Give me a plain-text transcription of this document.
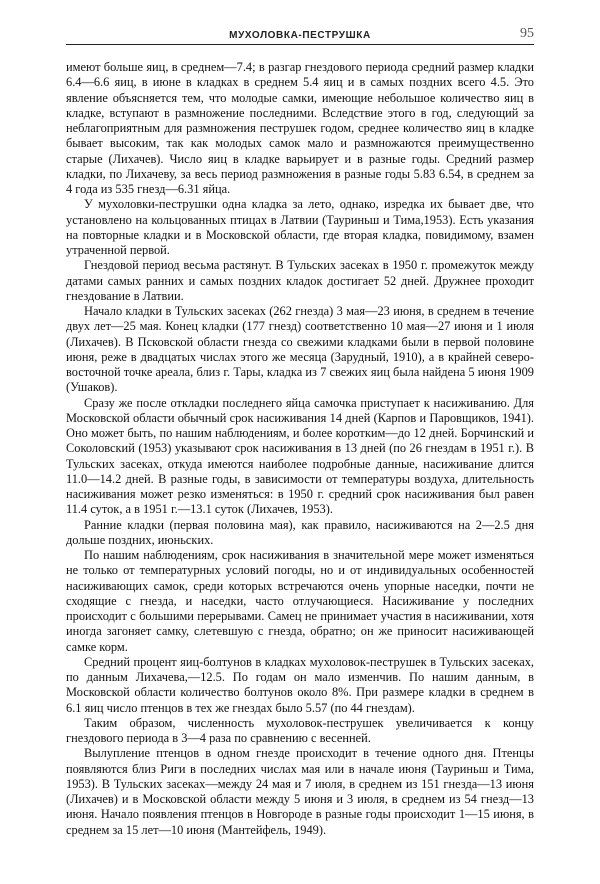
МУХОЛОВКА-ПЕСТРУШКА	95

имеют больше яиц, в среднем—7.4; в разгар гнездового периода средний размер кладки 6.4—6.6 яиц, в июне в кладках в среднем 5.4 яиц и в самых поздних всего 4.5. Это явление объясняется тем, что молодые самки, имеющие небольшое количество яиц в кладке, вступают в размножение последними. Вследствие этого в год, следующий за неблагоприятным для размножения пеструшек годом, среднее количество яиц в кладке бывает высоким, так как молодых самок мало и размножаются преимущественно старые (Лихачев). Число яиц в кладке варьирует и в разные годы. Средний размер кладки, по Лихачеву, за весь период размножения в разные годы 5.83 6.54, в среднем за 4 года из 535 гнезд—6.31 яйца.

У мухоловки-пеструшки одна кладка за лето, однако, изредка их бывает две, что установлено на кольцованных птицах в Латвии (Тауриньш и Тима,1953). Есть указания на повторные кладки и в Московской области, где вторая кладка, повидимому, взамен утраченной первой.

Гнездовой период весьма растянут. В Тульских засеках в 1950 г. промежуток между датами самых ранних и самых поздних кладок достигает 52 дней. Дружнее проходит гнездование в Латвии.

Начало кладки в Тульских засеках (262 гнезда) 3 мая—23 июня, в среднем в течение двух лет—25 мая. Конец кладки (177 гнезд) соответственно 10 мая—27 июня и 1 июля (Лихачев). В Псковской области гнезда со свежими кладками были в первой половине июня, реже в двадцатых числах этого же месяца (Зарудный, 1910), а в крайней северо-восточной точке ареала, близ г. Тары, кладка из 7 свежих яиц была найдена 5 июня 1909 (Ушаков).

Сразу же после откладки последнего яйца самочка приступает к насиживанию. Для Московской области обычный срок насиживания 14 дней (Карпов и Паровщиков, 1941). Оно может быть, по нашим наблюдениям, и более коротким—до 12 дней. Борчинский и Соколовский (1953) указывают срок насиживания в 13 дней (по 26 гнездам в 1951 г.). В Тульских засеках, откуда имеются наиболее подробные данные, насиживание длится 11.0—14.2 дней. В разные годы, в зависимости от температуры воздуха, длительность насиживания может резко изменяться: в 1950 г. средний срок насиживания был равен 11.4 суток, а в 1951 г.—13.1 суток (Лихачев, 1953).

Ранние кладки (первая половина мая), как правило, насиживаются на 2—2.5 дня дольше поздних, июньских.

По нашим наблюдениям, срок насиживания в значительной мере может изменяться не только от температурных условий погоды, но и от индивидуальных особенностей насиживающих самок, среди которых встречаются очень упорные наседки, почти не сходящие с гнезда, и наседки, часто отлучающиеся. Насиживание у последних происходит с большими перерывами. Самец не принимает участия в насиживании, хотя иногда загоняет самку, слетевшую с гнезда, обратно; он же приносит насиживающей самке корм.

Средний процент яиц-болтунов в кладках мухоловок-пеструшек в Тульских засеках, по данным Лихачева,—12.5. По годам он мало изменчив. По нашим данным, в Московской области количество болтунов около 8%. При размере кладки в среднем в 6.1 яиц число птенцов в тех же гнездах было 5.57 (по 44 гнездам).

Таким образом, численность мухоловок-пеструшек увеличивается к концу гнездового периода в 3—4 раза по сравнению с весенней.

Вылупление птенцов в одном гнезде происходит в течение одного дня. Птенцы появляются близ Риги в последних числах мая или в начале июня (Тауриньш и Тима, 1953). В Тульских засеках—между 24 мая и 7 июля, в среднем из 151 гнезда—13 июня (Лихачев) и в Московской области между 5 июня и 3 июля, в среднем из 54 гнезд—13 июня. Начало появления птенцов в Новгороде в разные годы происходит 1—15 июня, в среднем за 15 лет—10 июня (Мантейфель, 1949).
